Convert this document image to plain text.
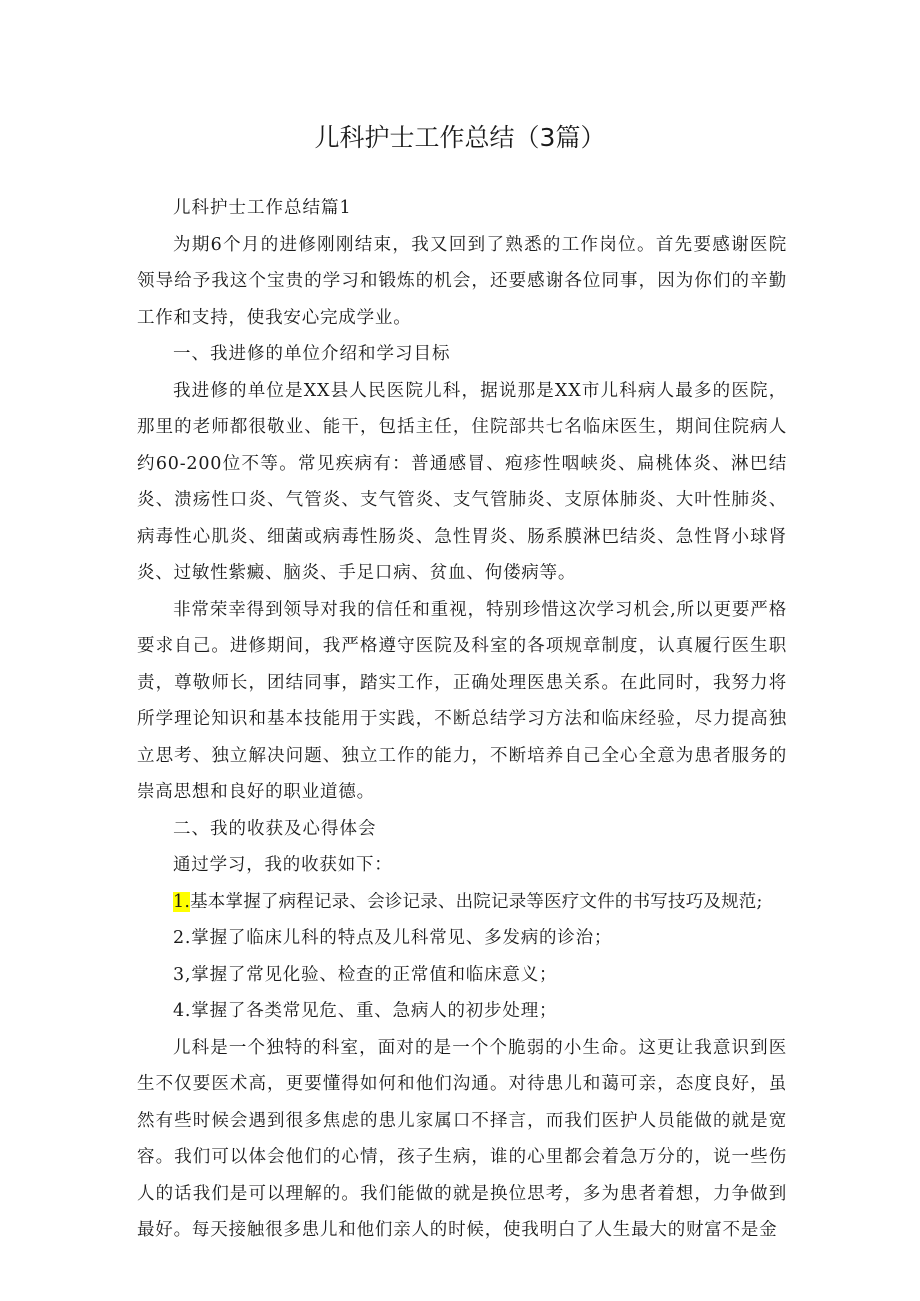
儿科护士工作总结（3篇）

儿科护士工作总结篇1

为期6个月的进修刚刚结束，我又回到了熟悉的工作岗位。首先要感谢医院领导给予我这个宝贵的学习和锻炼的机会，还要感谢各位同事，因为你们的辛勤工作和支持，使我安心完成学业。

一、我进修的单位介绍和学习目标

我进修的单位是XX县人民医院儿科，据说那是XX市儿科病人最多的医院，那里的老师都很敬业、能干，包括主任，住院部共七名临床医生，期间住院病人约60-200位不等。常见疾病有：普通感冒、疱疹性咽峡炎、扁桃体炎、淋巴结炎、溃疡性口炎、气管炎、支气管炎、支气管肺炎、支原体肺炎、大叶性肺炎、病毒性心肌炎、细菌或病毒性肠炎、急性胃炎、肠系膜淋巴结炎、急性肾小球肾炎、过敏性紫癜、脑炎、手足口病、贫血、佝偻病等。

非常荣幸得到领导对我的信任和重视，特别珍惜这次学习机会,所以更要严格要求自己。进修期间，我严格遵守医院及科室的各项规章制度，认真履行医生职责，尊敬师长，团结同事，踏实工作，正确处理医患关系。在此同时，我努力将所学理论知识和基本技能用于实践，不断总结学习方法和临床经验，尽力提高独立思考、独立解决问题、独立工作的能力，不断培养自己全心全意为患者服务的崇高思想和良好的职业道德。

二、我的收获及心得体会

通过学习，我的收获如下：

1.基本掌握了病程记录、会诊记录、出院记录等医疗文件的书写技巧及规范;

2.掌握了临床儿科的特点及儿科常见、多发病的诊治；

3,掌握了常见化验、检查的正常值和临床意义；

4.掌握了各类常见危、重、急病人的初步处理；

儿科是一个独特的科室，面对的是一个个脆弱的小生命。这更让我意识到医生不仅要医术高，更要懂得如何和他们沟通。对待患儿和蔼可亲，态度良好，虽然有些时候会遇到很多焦虑的患儿家属口不择言，而我们医护人员能做的就是宽容。我们可以体会他们的心情，孩子生病，谁的心里都会着急万分的，说一些伤人的话我们是可以理解的。我们能做的就是换位思考，多为患者着想，力争做到最好。每天接触很多患儿和他们亲人的时候，使我明白了人生最大的财富不是金
